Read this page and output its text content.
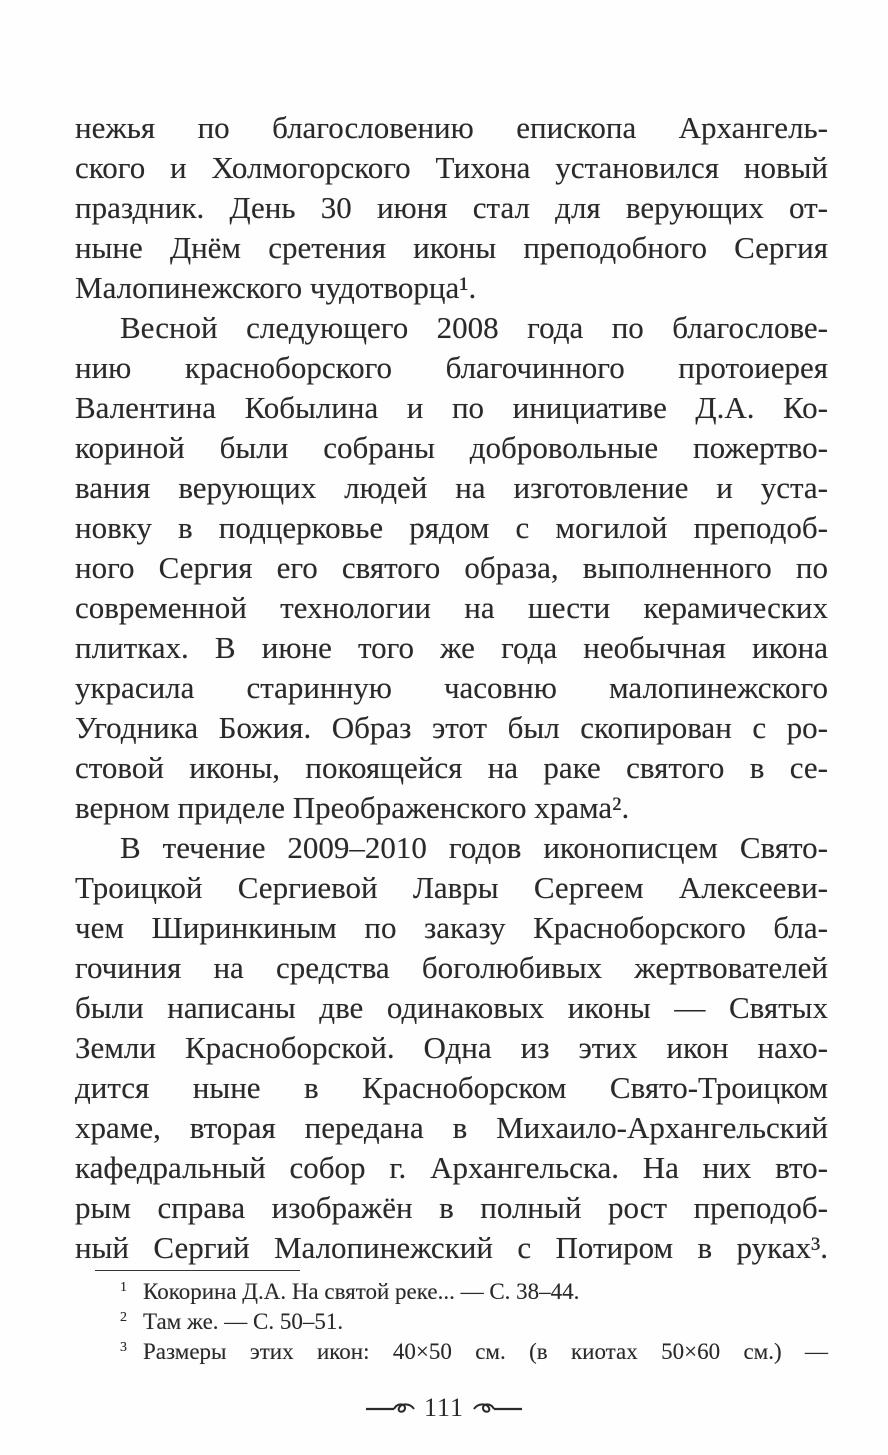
нежья по благословению епископа Архангель-
ского и Холмогорского Тихона установился новый
праздник. День 30 июня стал для верующих от-
ныне Днём сретения иконы преподобного Сергия
Малопинежского чудотворца¹.
Весной следующего 2008 года по благослове-
нию красноборского благочинного протоиерея
Валентина Кобылина и по инициативе Д.А. Ко-
кориной были собраны добровольные пожертво-
вания верующих людей на изготовление и уста-
новку в подцерковье рядом с могилой преподоб-
ного Сергия его святого образа, выполненного по
современной технологии на шести керамических
плитках. В июне того же года необычная икона
украсила старинную часовню малопинежского
Угодника Божия. Образ этот был скопирован с ро-
стовой иконы, покоящейся на раке святого в се-
верном приделе Преображенского храма².
В течение 2009–2010 годов иконописцем Свято-
Троицкой Сергиевой Лавры Сергеем Алексееви-
чем Ширинкиным по заказу Красноборского бла-
гочиния на средства боголюбивых жертвователей
были написаны две одинаковых иконы — Святых
Земли Красноборской. Одна из этих икон нахо-
дится ныне в Красноборском Свято-Троицком
храме, вторая передана в Михаило-Архангельский
кафедральный собор г. Архангельска. На них вто-
рым справа изображён в полный рост преподоб-
ный Сергий Малопинежский с Потиром в руках³.
1 Кокорина Д.А. На святой реке... — С. 38–44.
2 Там же. — С. 50–51.
3 Размеры этих икон: 40×50 см. (в киотах 50×60 см.) —
111
